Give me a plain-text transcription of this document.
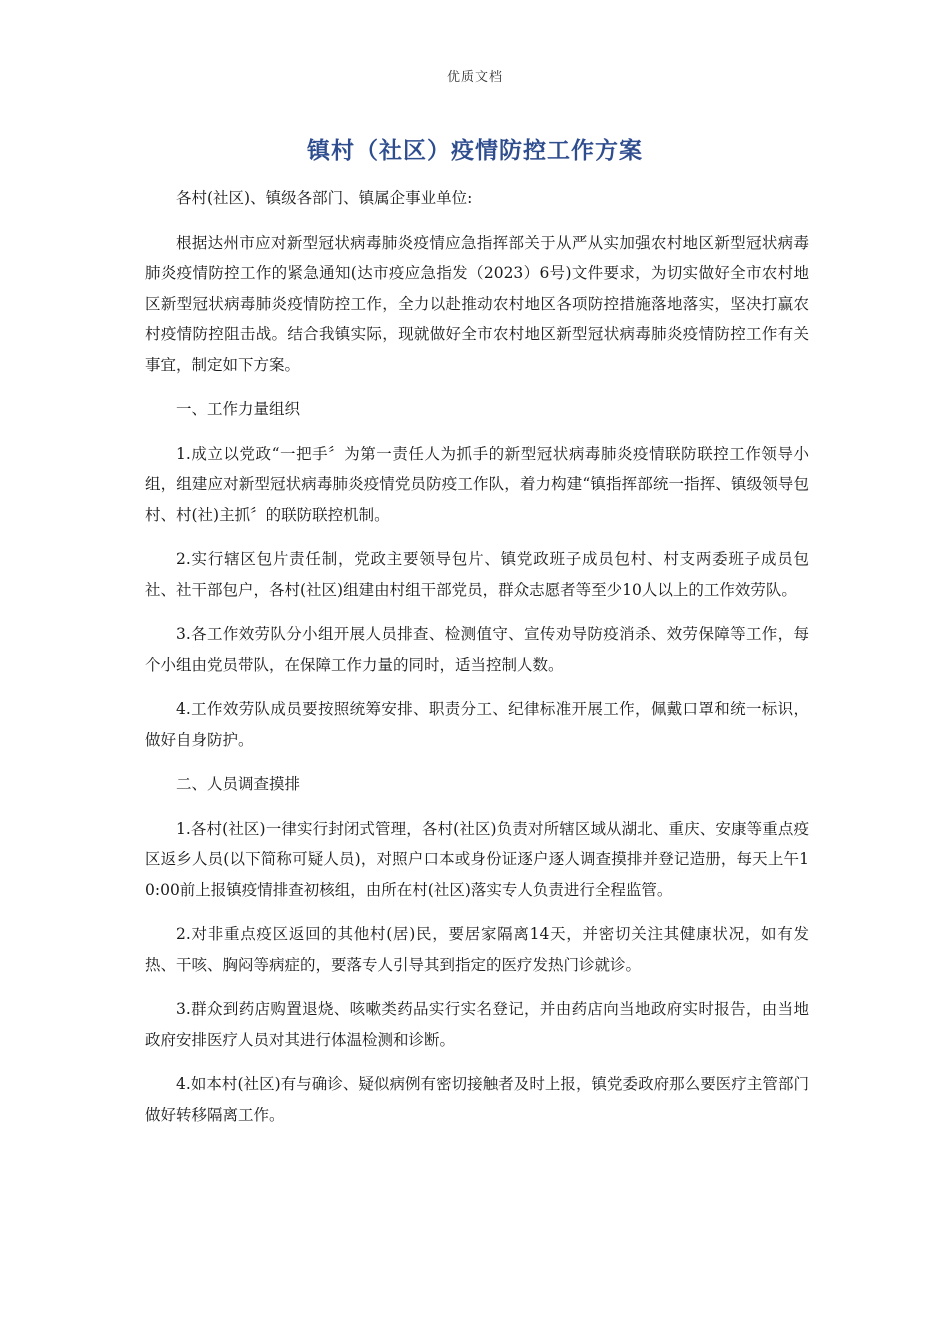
优质文档
镇村（社区）疫情防控工作方案

各村(社区)、镇级各部门、镇属企事业单位:

根据达州市应对新型冠状病毒肺炎疫情应急指挥部关于从严从实加强农村地区新型冠状病毒肺炎疫情防控工作的紧急通知(达市疫应急指发（2023）6号)文件要求，为切实做好全市农村地区新型冠状病毒肺炎疫情防控工作，全力以赴推动农村地区各项防控措施落地落实，坚决打赢农村疫情防控阻击战。结合我镇实际，现就做好全市农村地区新型冠状病毒肺炎疫情防控工作有关事宜，制定如下方案。

一、工作力量组织

1.成立以党政“一把手〞为第一责任人为抓手的新型冠状病毒肺炎疫情联防联控工作领导小组，组建应对新型冠状病毒肺炎疫情党员防疫工作队，着力构建“镇指挥部统一指挥、镇级领导包村、村(社)主抓〞的联防联控机制。

2.实行辖区包片责任制，党政主要领导包片、镇党政班子成员包村、村支两委班子成员包社、社干部包户，各村(社区)组建由村组干部党员，群众志愿者等至少10人以上的工作效劳队。

3.各工作效劳队分小组开展人员排查、检测值守、宣传劝导防疫消杀、效劳保障等工作，每个小组由党员带队，在保障工作力量的同时，适当控制人数。

4.工作效劳队成员要按照统筹安排、职责分工、纪律标准开展工作，佩戴口罩和统一标识，做好自身防护。

二、人员调查摸排

1.各村(社区)一律实行封闭式管理，各村(社区)负责对所辖区域从湖北、重庆、安康等重点疫区返乡人员(以下简称可疑人员)，对照户口本或身份证逐户逐人调查摸排并登记造册，每天上午10:00前上报镇疫情排查初核组，由所在村(社区)落实专人负责进行全程监管。

2.对非重点疫区返回的其他村(居)民，要居家隔离14天，并密切关注其健康状况，如有发热、干咳、胸闷等病症的，要落专人引导其到指定的医疗发热门诊就诊。

3.群众到药店购置退烧、咳嗽类药品实行实名登记，并由药店向当地政府实时报告，由当地政府安排医疗人员对其进行体温检测和诊断。

4.如本村(社区)有与确诊、疑似病例有密切接触者及时上报，镇党委政府那么要医疗主管部门做好转移隔离工作。
